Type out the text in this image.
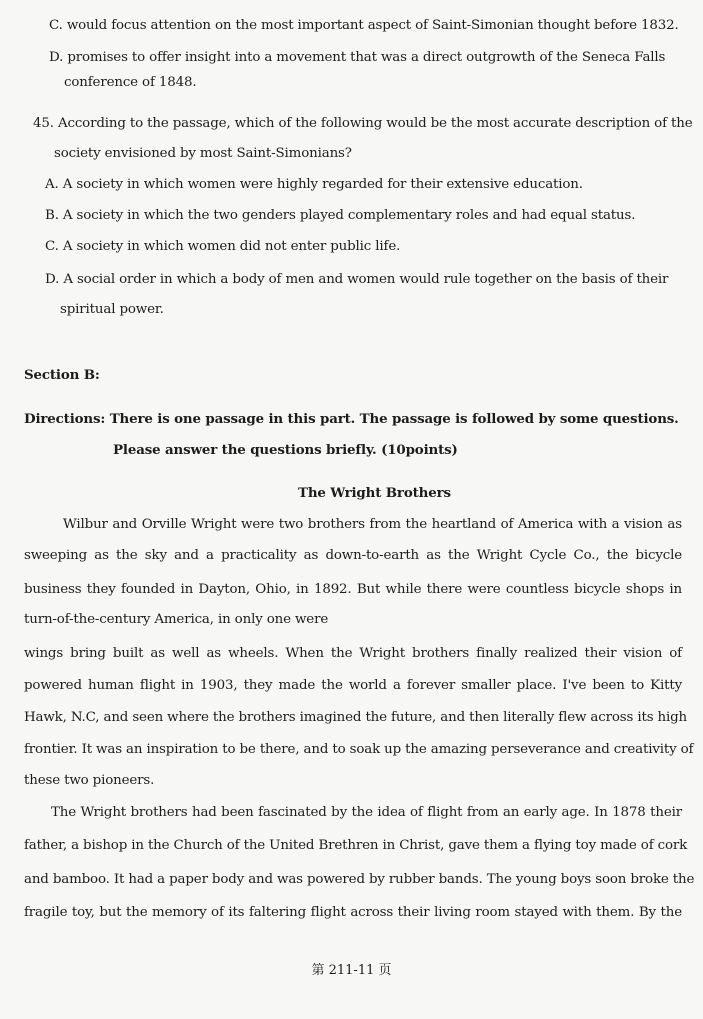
C. would focus attention on the most important aspect of Saint-Simonian thought before 1832.
D. promises to offer insight into a movement that was a direct outgrowth of the Seneca Falls
conference of 1848.
45. According to the passage, which of the following would be the most accurate description of the
society envisioned by most Saint-Simonians?
A. A society in which women were highly regarded for their extensive education.
B. A society in which the two genders played complementary roles and had equal status.
C. A society in which women did not enter public life.
D. A social order in which a body of men and women would rule together on the basis of their
spiritual power.
Section B:
Directions: There is one passage in this part. The passage is followed by some questions.
Please answer the questions briefly. (10points)
The Wright Brothers
Wilbur and Orville Wright were two brothers from the heartland of America with a vision as
sweeping as the sky and a practicality as down-to-earth as the Wright Cycle Co., the bicycle
business they founded in Dayton, Ohio, in 1892. But while there were countless bicycle shops in
turn-of-the-century America, in only one were
wings bring built as well as wheels. When the Wright brothers finally realized their vision of
powered human flight in 1903, they made the world a forever smaller place. I've been to Kitty
Hawk, N.C, and seen where the brothers imagined the future, and then literally flew across its high
frontier. It was an inspiration to be there, and to soak up the amazing perseverance and creativity of
these two pioneers.
The Wright brothers had been fascinated by the idea of flight from an early age. In 1878 their
father, a bishop in the Church of the United Brethren in Christ, gave them a flying toy made of cork
and bamboo. It had a paper body and was powered by rubber bands. The young boys soon broke the
fragile toy, but the memory of its faltering flight across their living room stayed with them. By the
第 211-11 页
